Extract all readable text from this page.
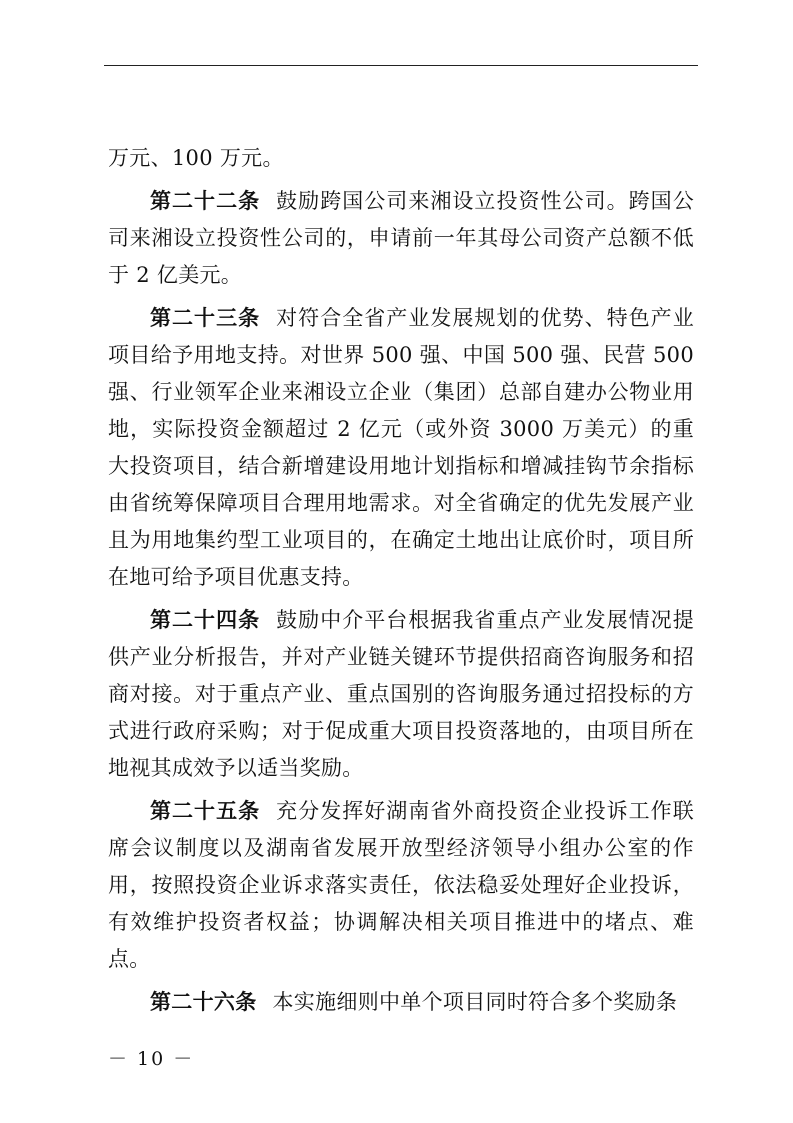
万元、100 万元。

第二十二条 鼓励跨国公司来湘设立投资性公司。跨国公司来湘设立投资性公司的，申请前一年其母公司资产总额不低于 2 亿美元。

第二十三条 对符合全省产业发展规划的优势、特色产业项目给予用地支持。对世界 500 强、中国 500 强、民营 500 强、行业领军企业来湘设立企业（集团）总部自建办公物业用地，实际投资金额超过 2 亿元（或外资 3000 万美元）的重大投资项目，结合新增建设用地计划指标和增减挂钩节余指标由省统筹保障项目合理用地需求。对全省确定的优先发展产业且为用地集约型工业项目的，在确定土地出让底价时，项目所在地可给予项目优惠支持。

第二十四条 鼓励中介平台根据我省重点产业发展情况提供产业分析报告，并对产业链关键环节提供招商咨询服务和招商对接。对于重点产业、重点国别的咨询服务通过招投标的方式进行政府采购；对于促成重大项目投资落地的，由项目所在地视其成效予以适当奖励。

第二十五条 充分发挥好湖南省外商投资企业投诉工作联席会议制度以及湖南省发展开放型经济领导小组办公室的作用，按照投资企业诉求落实责任，依法稳妥处理好企业投诉，有效维护投资者权益；协调解决相关项目推进中的堵点、难点。

第二十六条 本实施细则中单个项目同时符合多个奖励条

－ 10 －
